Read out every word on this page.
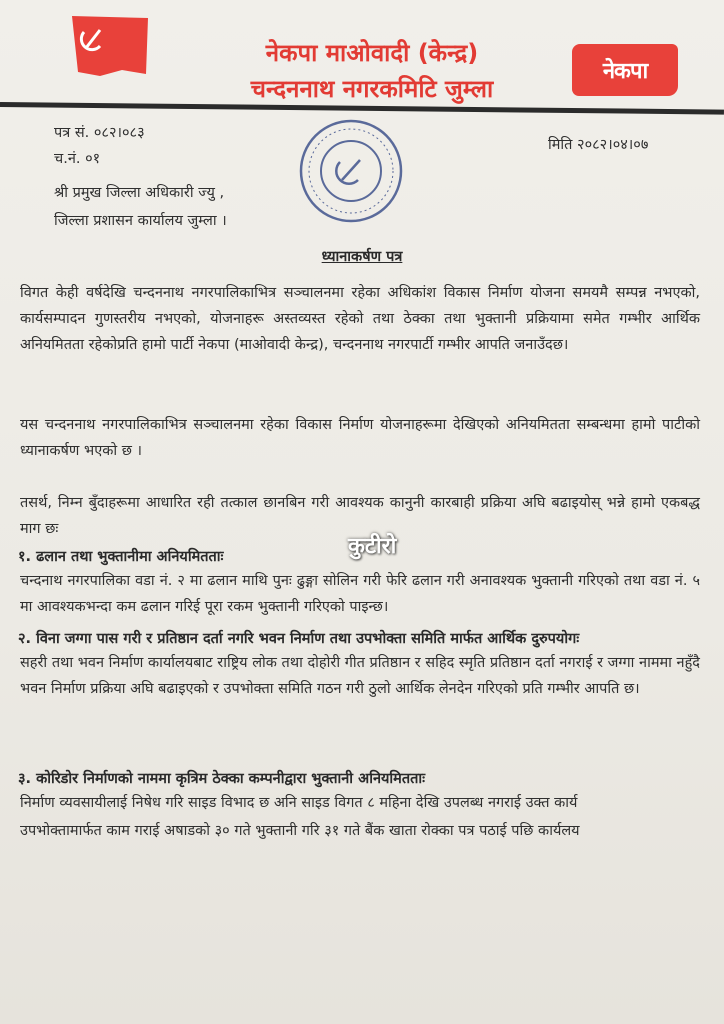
नेकपा माओवादी (केन्द्र)
चन्दननाथ नगरकमिटि जुम्ला
नेकपा
पत्र सं. ०८२।०८३
च.नं. ०१
मिति २०८२।०४।०७
श्री प्रमुख जिल्ला अधिकारी ज्यु ,
जिल्ला प्रशासन कार्यालय जुम्ला ।
ध्यानाकर्षण पत्र
विगत केही वर्षदेखि चन्दननाथ नगरपालिकाभित्र सञ्चालनमा रहेका अधिकांश विकास निर्माण योजना समयमै सम्पन्न नभएको, कार्यसम्पादन गुणस्तरीय नभएको, योजनाहरू अस्तव्यस्त रहेको तथा ठेक्का तथा भुक्तानी प्रक्रियामा समेत गम्भीर आर्थिक अनियमितता रहेकोप्रति हामो पार्टी नेकपा (माओवादी केन्द्र), चन्दननाथ नगरपार्टी गम्भीर आपति जनाउँदछ।
यस चन्दननाथ नगरपालिकाभित्र सञ्चालनमा रहेका विकास निर्माण योजनाहरूमा देखिएको अनियमितता सम्बन्धमा हामो पाटीको ध्यानाकर्षण भएको छ ।
तसर्थ, निम्न बुँदाहरूमा आधारित रही तत्काल छानबिन गरी आवश्यक कानुनी कारबाही प्रक्रिया अघि बढाइयोस् भन्ने हामो एकबद्ध माग छः
१. ढलान तथा भुक्तानीमा अनियमितताः
चन्दनाथ नगरपालिका वडा नं. २ मा ढलान माथि पुनः ढुङ्गा सोलिन गरी फेरि ढलान गरी अनावश्यक भुक्तानी गरिएको तथा वडा नं. ५ मा आवश्यकभन्दा कम ढलान गरिई पूरा रकम भुक्तानी गरिएको पाइन्छ।
२. विना जग्गा पास गरी र प्रतिष्ठान दर्ता नगरि भवन निर्माण तथा उपभोक्ता समिति मार्फत आर्थिक दुरुपयोगः
सहरी तथा भवन निर्माण कार्यालयबाट राष्ट्रिय लोक तथा दोहोरी गीत प्रतिष्ठान र सहिद स्मृति प्रतिष्ठान दर्ता नगराई र जग्गा नाममा नहुँदै भवन निर्माण प्रक्रिया अघि बढाइएको र उपभोक्ता समिति गठन गरी ठुलो आर्थिक लेनदेन गरिएको प्रति गम्भीर आपति छ।
३. कोरिडोर निर्माणको नाममा कृत्रिम ठेक्का कम्पनीद्वारा भुक्तानी अनियमितताः
निर्माण व्यवसायीलाई निषेध गरि साइड विभाद छ अनि साइड विगत ८ महिना देखि उपलब्ध नगराई उक्त कार्य
उपभोक्तामार्फत काम गराई अषाडको ३० गते भुक्तानी गरि ३१ गते बैंक खाता रोक्का पत्र पठाई पछि कार्यलय
कुटीरो
